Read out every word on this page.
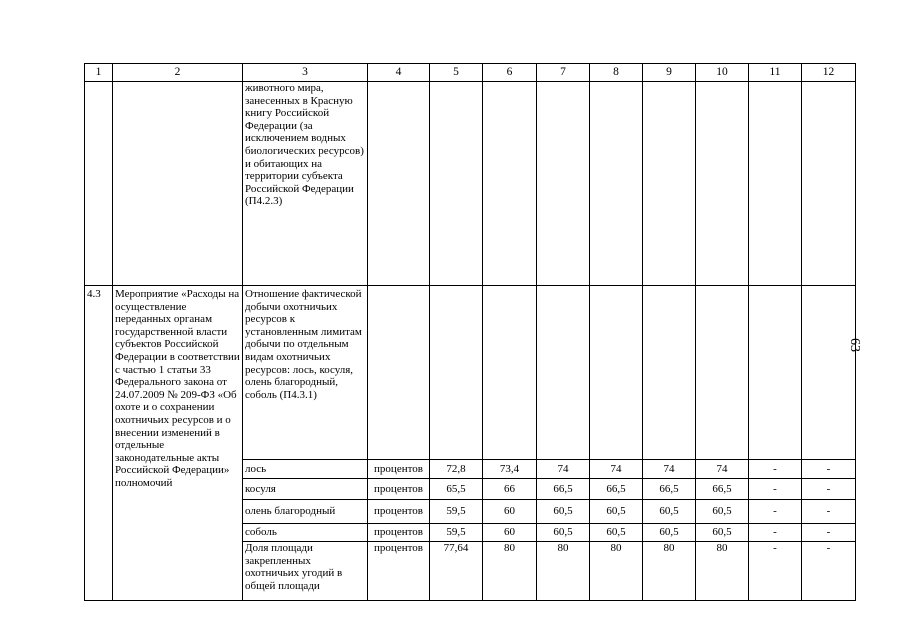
1	2	3	4	5	6	7	8	9	10	11	12
		животного мира, занесенных в Красную книгу Российской Федерации (за исключением водных биологических ресурсов) и обитающих на территории субъекта Российской Федерации (П4.2.3)									
4.3	Мероприятие «Расходы на осуществление переданных органам государственной власти субъектов Российской Федерации в соответствии с частью 1 статьи 33 Федерального закона от 24.07.2009 № 209-ФЗ «Об охоте и о сохранении охотничьих ресурсов и о внесении изменений в отдельные законодательные акты Российской Федерации» полномочий	Отношение фактической добычи охотничьих ресурсов к установленным лимитам добычи по отдельным видам охотничьих ресурсов: лось, косуля, олень благородный, соболь (П4.3.1)									
		лось	процентов	72,8	73,4	74	74	74	74	-	-
		косуля	процентов	65,5	66	66,5	66,5	66,5	66,5	-	-
		олень благородный	процентов	59,5	60	60,5	60,5	60,5	60,5	-	-
		соболь	процентов	59,5	60	60,5	60,5	60,5	60,5	-	-
		Доля площади закрепленных охотничьих угодий в общей площади	процентов	77,64	80	80	80	80	80	-	-
63
